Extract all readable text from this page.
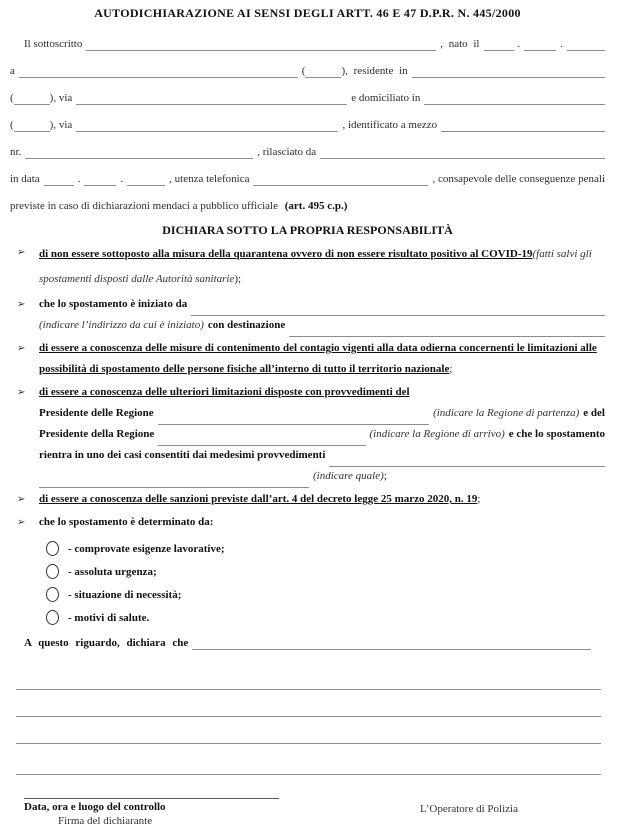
AUTODICHIARAZIONE AI SENSI DEGLI ARTT. 46 E 47 D.P.R. N. 445/2000
Il sottoscritto	, nato il	.	.
a	(	), residente in
(	), via	e domiciliato in
(	), via	, identificato a mezzo
nr.	, rilasciato da
in data	.	.	, utenza telefonica	, consapevole delle conseguenze penali
previste in caso di dichiarazioni mendaci a pubblico ufficiale (art. 495 c.p.)
DICHIARA SOTTO LA PROPRIA RESPONSABILITÀ
➢	di non essere sottoposto alla misura della quarantena ovvero di non essere risultato positivo al COVID-19(fatti salvi gli spostamenti disposti dalle Autorità sanitarie);
➢	che lo spostamento è iniziato da
(indicare l’indirizzo da cui è iniziato) con destinazione
➢	di essere a conoscenza delle misure di contenimento del contagio vigenti alla data odierna concernenti le limitazioni alle possibilità di spostamento delle persone fisiche all’interno di tutto il territorio nazionale;
➢	di essere a conoscenza delle ulteriori limitazioni disposte con provvedimenti del
Presidente delle Regione	(indicare la Regione di partenza) e del
Presidente della Regione	(indicare la Regione di arrivo) e che lo spostamento
rientra in uno dei casi consentiti dai medesimi provvedimenti
(indicare quale) ;
➢	di essere a conoscenza delle sanzioni previste dall’art. 4 del decreto legge 25 marzo 2020, n. 19;
➢	che lo spostamento è determinato da:
- comprovate esigenze lavorative;
- assoluta urgenza;
- situazione di necessità;
- motivi di salute.
A questo riguardo, dichiara che
Data, ora e luogo del controllo
Firma del dichiarante
L’Operatore di Polizia
